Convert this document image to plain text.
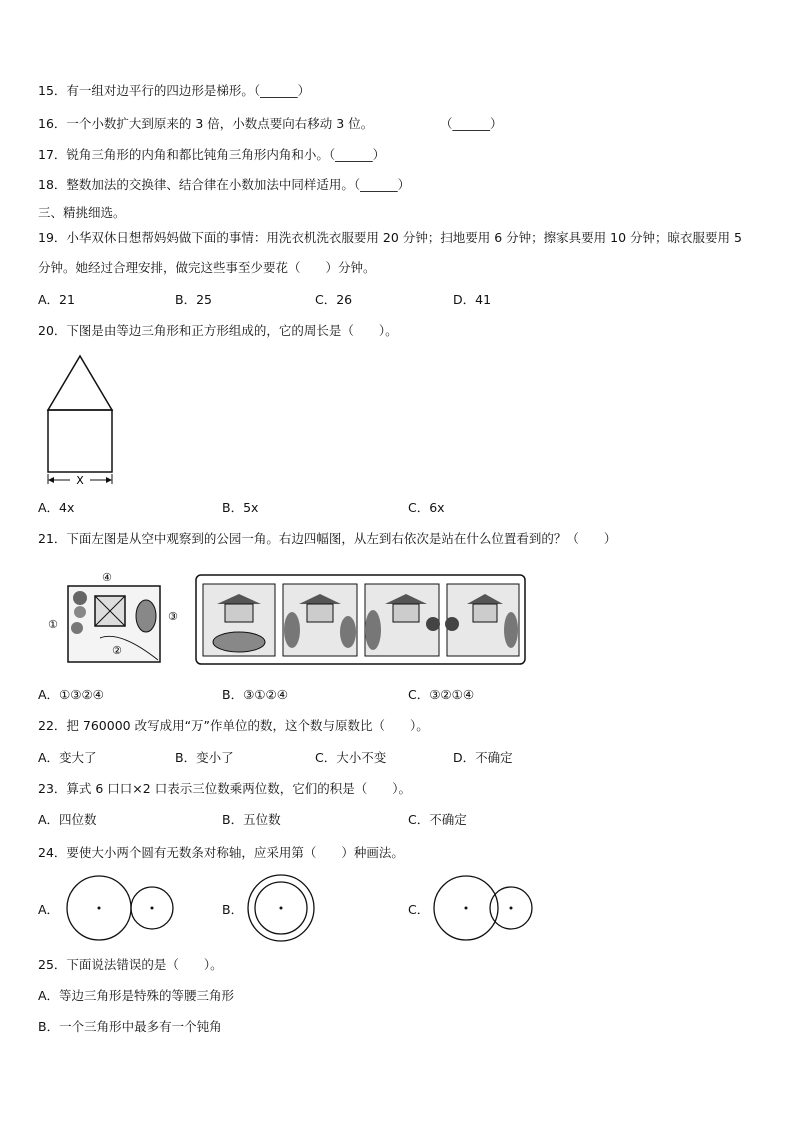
15．有一组对边平行的四边形是梯形。（______）
16．一个小数扩大到原来的 3 倍，小数点要向右移动 3 位。	（______）
17．锐角三角形的内角和都比钝角三角形内角和小。（______）
18．整数加法的交换律、结合律在小数加法中同样适用。（______）
三、精挑细选。
19．小华双休日想帮妈妈做下面的事情：用洗衣机洗衣服要用 20 分钟；扫地要用 6 分钟；擦家具要用 10 分钟；晾衣服要用 5 分钟。她经过合理安排，做完这些事至少要花（　　）分钟。
A．21	B．25	C．26	D．41
20．下图是由等边三角形和正方形组成的，它的周长是（　　）。
X
A．4x	B．5x	C．6x
21．下面左图是从空中观察到的公园一角。右边四幅图，从左到右依次是站在什么位置看到的？（　　）
①
②
③
④
A．①③②④	B．③①②④	C．③②①④
22．把 760000 改写成用“万”作单位的数，这个数与原数比（　　）。
A．变大了	B．变小了	C．大小不变	D．不确定
23．算式 6 口口×2 口表示三位数乘两位数，它们的积是（　　）。
A．四位数	B．五位数	C．不确定
24．要使大小两个圆有无数条对称轴，应采用第（　　）种画法。
A．	B．	C．
25．下面说法错误的是（　　）。
A．等边三角形是特殊的等腰三角形
B．一个三角形中最多有一个钝角
